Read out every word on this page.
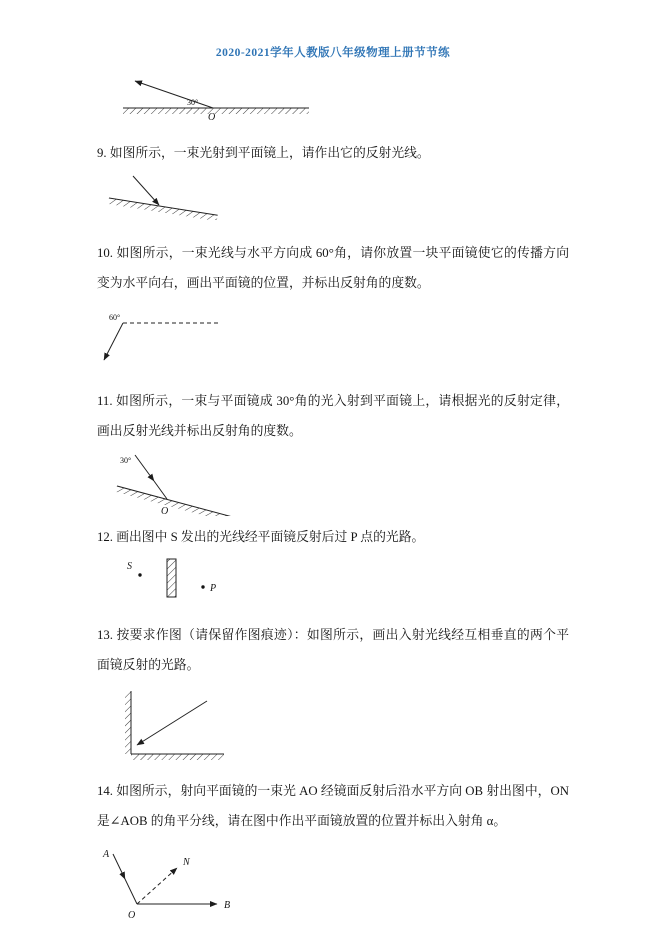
2020-2021学年人教版八年级物理上册节节练
30°
O

9. 如图所示，一束光射到平面镜上，请作出它的反射光线。

10. 如图所示，一束光线与水平方向成 60°角，请你放置一块平面镜使它的传播方向变为水平向右，画出平面镜的位置，并标出反射角的度数。

60°

11. 如图所示，一束与平面镜成 30°角的光入射到平面镜上，请根据光的反射定律，画出反射光线并标出反射角的度数。

30°
O

12. 画出图中 S 发出的光线经平面镜反射后过 P 点的光路。

S
P

13. 按要求作图（请保留作图痕迹）：如图所示，画出入射光线经互相垂直的两个平面镜反射的光路。

14. 如图所示，射向平面镜的一束光 AO 经镜面反射后沿水平方向 OB 射出图中，ON 是∠AOB 的角平分线，请在图中作出平面镜放置的位置并标出入射角 α。

A
N
B
O
